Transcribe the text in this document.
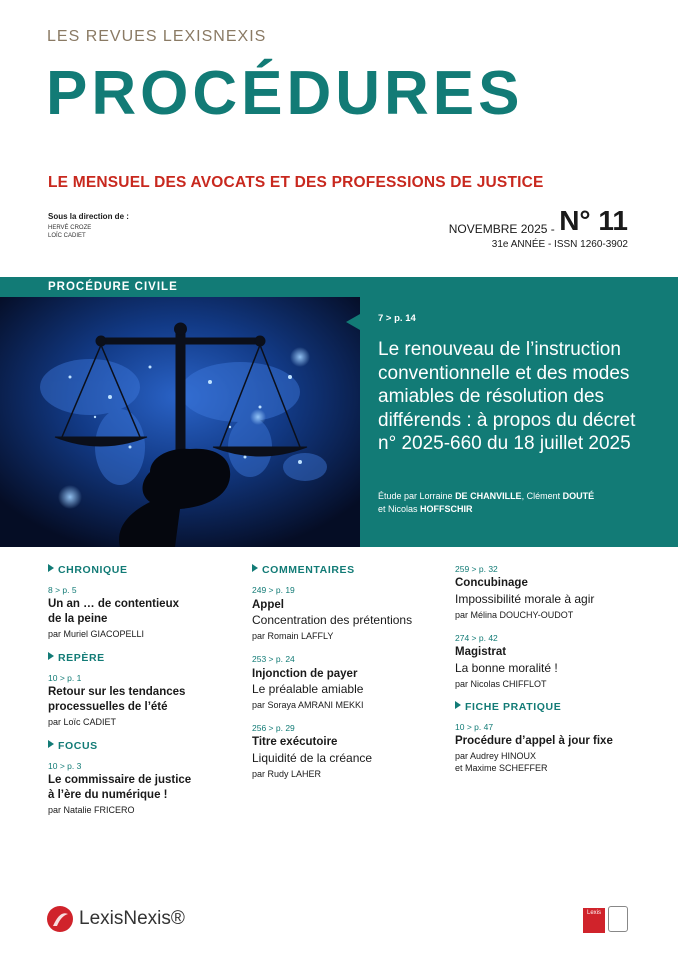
LES REVUES LEXISNEXIS
PROCÉDURES
LE MENSUEL DES AVOCATS ET DES PROFESSIONS DE JUSTICE
Sous la direction de :
HERVÉ CROZE
LOÏC CADIET	NOVEMBRE 2025 - N° 11
31e ANNÉE - ISSN 1260-3902
PROCÉDURE CIVILE
7 > p. 14
Le renouveau de l’instruction conventionnelle et des modes amiables de résolution des différends : à propos du décret n° 2025-660 du 18 juillet 2025
Étude par Lorraine DE CHANVILLE, Clément DOUTÉ
et Nicolas HOFFSCHIR
CHRONIQUE
8 > p. 5
Un an … de contentieux
de la peine
par Muriel GIACOPELLI
REPÈRE
10 > p. 1
Retour sur les tendances
processuelles de l’été
par Loïc CADIET
FOCUS
10 > p. 3
Le commissaire de justice
à l’ère du numérique !
par Natalie FRICERO
COMMENTAIRES
249 > p. 19
Appel
Concentration des prétentions
par Romain LAFFLY
253 > p. 24
Injonction de payer
Le préalable amiable
par Soraya AMRANI MEKKI
256 > p. 29
Titre exécutoire
Liquidité de la créance
par Rudy LAHER
259 > p. 32
Concubinage
Impossibilité morale à agir
par Mélina DOUCHY-OUDOT
274 > p. 42
Magistrat
La bonne moralité !
par Nicolas CHIFFLOT
FICHE PRATIQUE
10 > p. 47
Procédure d’appel à jour fixe
par Audrey HINOUX
et Maxime SCHEFFER
LexisNexis®	Lexis
